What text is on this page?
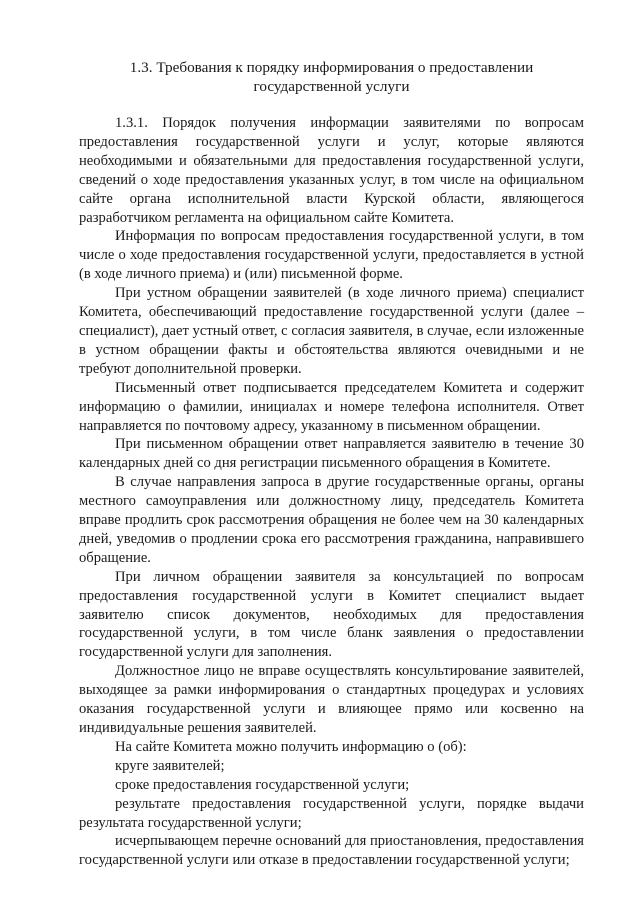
1.3. Требования к порядку информирования о предоставлении государственной услуги

1.3.1. Порядок получения информации заявителями по вопросам предоставления государственной услуги и услуг, которые являются необходимыми и обязательными для предоставления государственной услуги, сведений о ходе предоставления указанных услуг, в том числе на официальном сайте органа исполнительной власти Курской области, являющегося разработчиком регламента на официальном сайте Комитета.

Информация по вопросам предоставления государственной услуги, в том числе о ходе предоставления государственной услуги, предоставляется в устной (в ходе личного приема) и (или) письменной форме.

При устном обращении заявителей (в ходе личного приема) специалист Комитета, обеспечивающий предоставление государственной услуги (далее – специалист), дает устный ответ, с согласия заявителя, в случае, если изложенные в устном обращении факты и обстоятельства являются очевидными и не требуют дополнительной проверки.

Письменный ответ подписывается председателем Комитета и содержит информацию о фамилии, инициалах и номере телефона исполнителя. Ответ направляется по почтовому адресу, указанному в письменном обращении.

При письменном обращении ответ направляется заявителю в течение 30 календарных дней со дня регистрации письменного обращения в Комитете.

В случае направления запроса в другие государственные органы, органы местного самоуправления или должностному лицу, председатель Комитета вправе продлить срок рассмотрения обращения не более чем на 30 календарных дней, уведомив о продлении срока его рассмотрения гражданина, направившего обращение.

При личном обращении заявителя за консультацией по вопросам предоставления государственной услуги в Комитет специалист выдает заявителю список документов, необходимых для предоставления государственной услуги, в том числе бланк заявления о предоставлении государственной услуги для заполнения.

Должностное лицо не вправе осуществлять консультирование заявителей, выходящее за рамки информирования о стандартных процедурах и условиях оказания государственной услуги и влияющее прямо или косвенно на индивидуальные решения заявителей.

На сайте Комитета можно получить информацию о (об):

круге заявителей;

сроке предоставления государственной услуги;

результате предоставления государственной услуги, порядке выдачи результата государственной услуги;

исчерпывающем перечне оснований для приостановления, предоставления государственной услуги или отказе в предоставлении государственной услуги;
